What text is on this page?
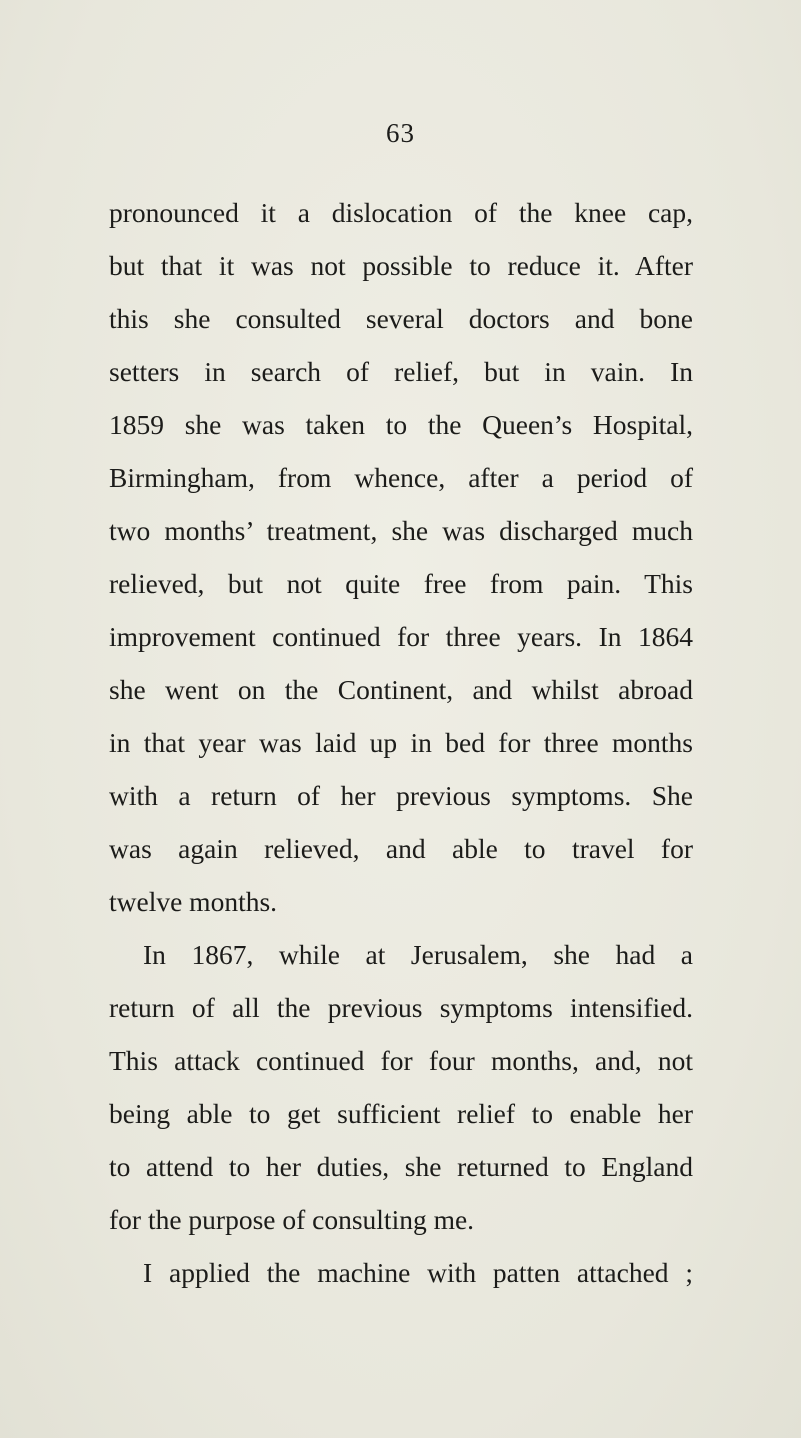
63
pronounced it a dislocation of the knee cap,
but that it was not possible to reduce it. After
this she consulted several doctors and bone
setters in search of relief, but in vain. In
1859 she was taken to the Queen’s Hospital,
Birmingham, from whence, after a period of
two months’ treatment, she was discharged much
relieved, but not quite free from pain. This
improvement continued for three years. In 1864
she went on the Continent, and whilst abroad
in that year was laid up in bed for three months
with a return of her previous symptoms. She
was again relieved, and able to travel for
twelve months.
In 1867, while at Jerusalem, she had a
return of all the previous symptoms intensified.
This attack continued for four months, and, not
being able to get sufficient relief to enable her
to attend to her duties, she returned to England
for the purpose of consulting me.
I applied the machine with patten attached ;
